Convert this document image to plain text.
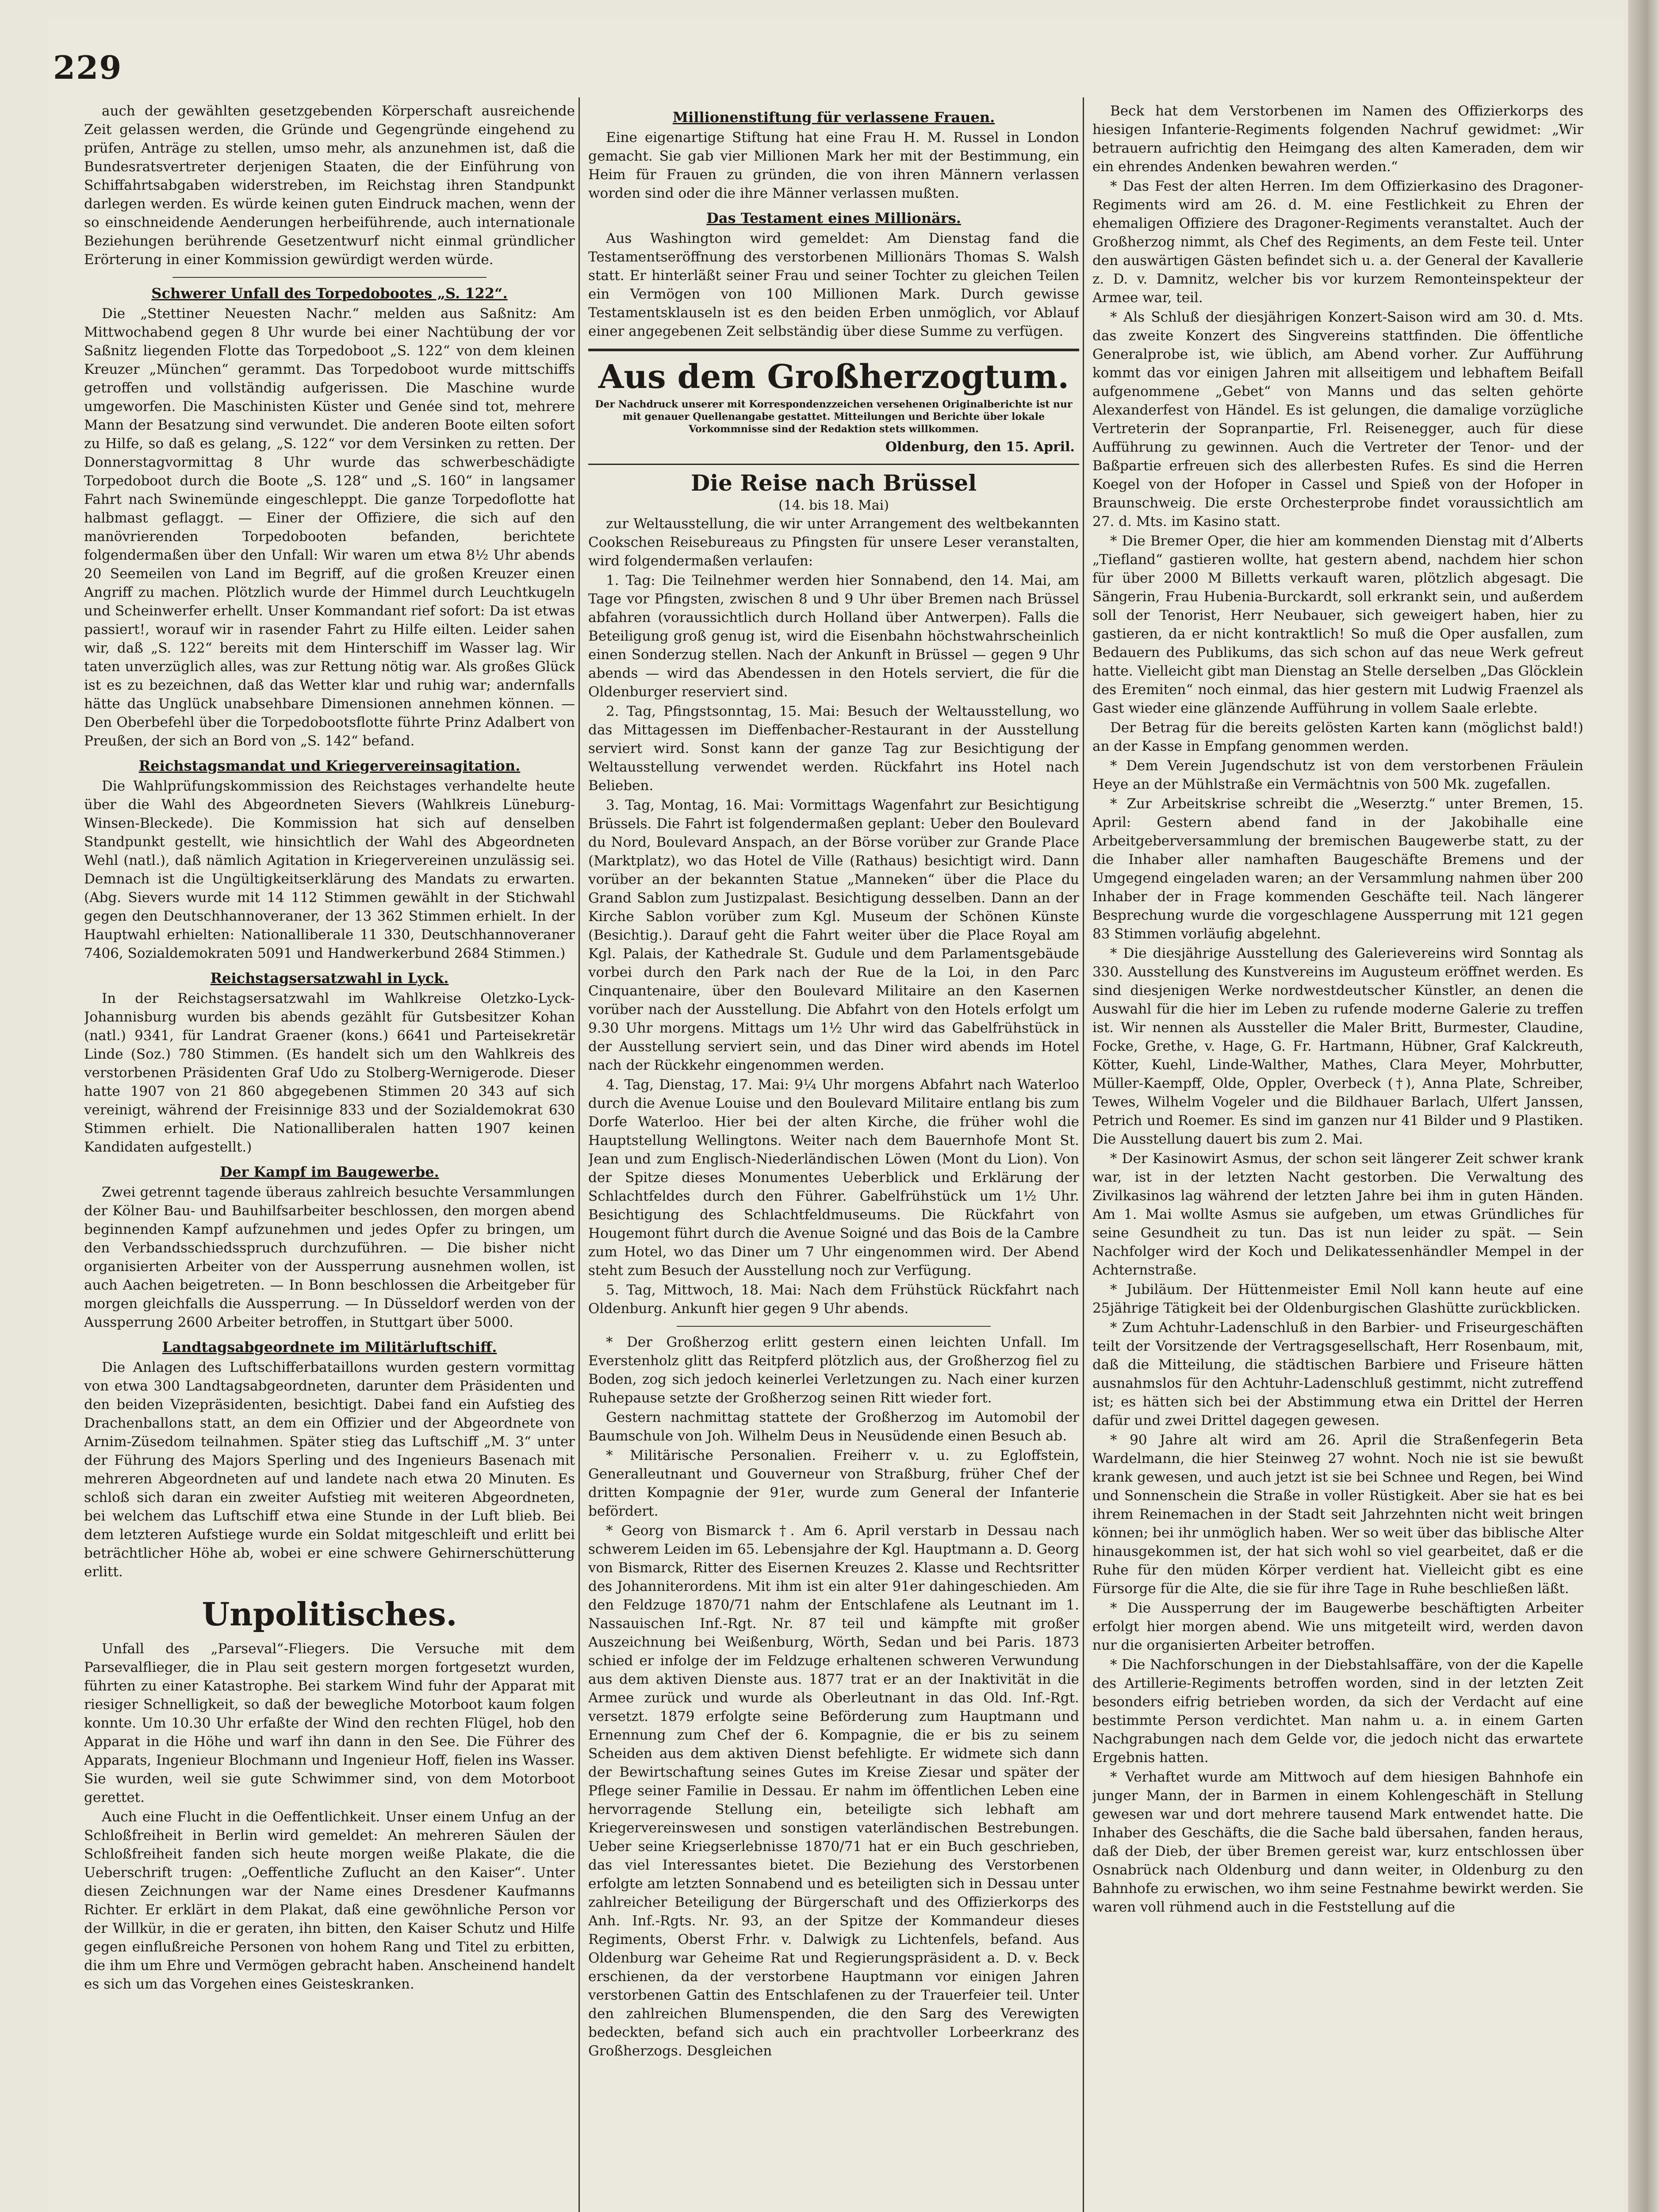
229

auch der gewählten gesetzgebenden Körperschaft ausreichende Zeit gelassen werden, die Gründe und Gegengründe eingehend zu prüfen, Anträge zu stellen, umso mehr, als anzunehmen ist, daß die Bundesratsvertreter derjenigen Staaten, die der Einführung von Schiffahrtsabgaben widerstreben, im Reichstag ihren Standpunkt darlegen werden. Es würde keinen guten Eindruck machen, wenn der so einschneidende Aenderungen herbeiführende, auch internationale Beziehungen berührende Gesetzentwurf nicht einmal gründlicher Erörterung in einer Kommission gewürdigt werden würde.

Schwerer Unfall des Torpedobootes „S. 122“.

Die „Stettiner Neuesten Nachr.“ melden aus Saßnitz: Am Mittwochabend gegen 8 Uhr wurde bei einer Nachtübung der vor Saßnitz liegenden Flotte das Torpedoboot „S. 122“ von dem kleinen Kreuzer „München“ gerammt. Das Torpedoboot wurde mittschiffs getroffen und vollständig aufgerissen. Die Maschine wurde umgeworfen. Die Maschinisten Küster und Genée sind tot, mehrere Mann der Besatzung sind verwundet. Die anderen Boote eilten sofort zu Hilfe, so daß es gelang, „S. 122“ vor dem Versinken zu retten. Der Donnerstagvormittag 8 Uhr wurde das schwerbeschädigte Torpedoboot durch die Boote „S. 128“ und „S. 160“ in langsamer Fahrt nach Swinemünde eingeschleppt. Die ganze Torpedoflotte hat halbmast geflaggt. — Einer der Offiziere, die sich auf den manövrierenden Torpedobooten befanden, berichtete folgendermaßen über den Unfall: Wir waren um etwa 8½ Uhr abends 20 Seemeilen von Land im Begriff, auf die großen Kreuzer einen Angriff zu machen. Plötzlich wurde der Himmel durch Leuchtkugeln und Scheinwerfer erhellt. Unser Kommandant rief sofort: Da ist etwas passiert!, worauf wir in rasender Fahrt zu Hilfe eilten. Leider sahen wir, daß „S. 122“ bereits mit dem Hinterschiff im Wasser lag. Wir taten unverzüglich alles, was zur Rettung nötig war. Als großes Glück ist es zu bezeichnen, daß das Wetter klar und ruhig war; andernfalls hätte das Unglück unabsehbare Dimensionen annehmen können. — Den Oberbefehl über die Torpedobootsflotte führte Prinz Adalbert von Preußen, der sich an Bord von „S. 142“ befand.

Reichstagsmandat und Kriegervereinsagitation.

Die Wahlprüfungskommission des Reichstages verhandelte heute über die Wahl des Abgeordneten Sievers (Wahlkreis Lüneburg-Winsen-Bleckede). Die Kommission hat sich auf denselben Standpunkt gestellt, wie hinsichtlich der Wahl des Abgeordneten Wehl (natl.), daß nämlich Agitation in Kriegervereinen unzulässig sei. Demnach ist die Ungültigkeitserklärung des Mandats zu erwarten. (Abg. Sievers wurde mit 14 112 Stimmen gewählt in der Stichwahl gegen den Deutschhannoveraner, der 13 362 Stimmen erhielt. In der Hauptwahl erhielten: Nationalliberale 11 330, Deutschhannoveraner 7406, Sozialdemokraten 5091 und Handwerkerbund 2684 Stimmen.)

Reichstagsersatzwahl in Lyck.

In der Reichstagsersatzwahl im Wahlkreise Oletzko-Lyck-Johannisburg wurden bis abends gezählt für Gutsbesitzer Kohan (natl.) 9341, für Landrat Graener (kons.) 6641 und Parteisekretär Linde (Soz.) 780 Stimmen. (Es handelt sich um den Wahlkreis des verstorbenen Präsidenten Graf Udo zu Stolberg-Wernigerode. Dieser hatte 1907 von 21 860 abgegebenen Stimmen 20 343 auf sich vereinigt, während der Freisinnige 833 und der Sozialdemokrat 630 Stimmen erhielt. Die Nationalliberalen hatten 1907 keinen Kandidaten aufgestellt.)

Der Kampf im Baugewerbe.

Zwei getrennt tagende überaus zahlreich besuchte Versammlungen der Kölner Bau- und Bauhilfsarbeiter beschlossen, den morgen abend beginnenden Kampf aufzunehmen und jedes Opfer zu bringen, um den Verbandsschiedsspruch durchzuführen. — Die bisher nicht organisierten Arbeiter von der Aussperrung ausnehmen wollen, ist auch Aachen beigetreten. — In Bonn beschlossen die Arbeitgeber für morgen gleichfalls die Aussperrung. — In Düsseldorf werden von der Aussperrung 2600 Arbeiter betroffen, in Stuttgart über 5000.

Landtagsabgeordnete im Militärluftschiff.

Die Anlagen des Luftschifferbataillons wurden gestern vormittag von etwa 300 Landtagsabgeordneten, darunter dem Präsidenten und den beiden Vizepräsidenten, besichtigt. Dabei fand ein Aufstieg des Drachenballons statt, an dem ein Offizier und der Abgeordnete von Arnim-Züsedom teilnahmen. Später stieg das Luftschiff „M. 3“ unter der Führung des Majors Sperling und des Ingenieurs Basenach mit mehreren Abgeordneten auf und landete nach etwa 20 Minuten. Es schloß sich daran ein zweiter Aufstieg mit weiteren Abgeordneten, bei welchem das Luftschiff etwa eine Stunde in der Luft blieb. Bei dem letzteren Aufstiege wurde ein Soldat mitgeschleift und erlitt bei beträchtlicher Höhe ab, wobei er eine schwere Gehirnerschütterung erlitt.

Unpolitisches.

Unfall des „Parseval“-Fliegers. Die Versuche mit dem Parsevalflieger, die in Plau seit gestern morgen fortgesetzt wurden, führten zu einer Katastrophe. Bei starkem Wind fuhr der Apparat mit riesiger Schnelligkeit, so daß der bewegliche Motorboot kaum folgen konnte. Um 10.30 Uhr erfaßte der Wind den rechten Flügel, hob den Apparat in die Höhe und warf ihn dann in den See. Die Führer des Apparats, Ingenieur Blochmann und Ingenieur Hoff, fielen ins Wasser. Sie wurden, weil sie gute Schwimmer sind, von dem Motorboot gerettet.

Auch eine Flucht in die Oeffentlichkeit. Unser einem Unfug an der Schloßfreiheit in Berlin wird gemeldet: An mehreren Säulen der Schloßfreiheit fanden sich heute morgen weiße Plakate, die die Ueberschrift trugen: „Oeffentliche Zuflucht an den Kaiser“. Unter diesen Zeichnungen war der Name eines Dresdener Kaufmanns Richter. Er erklärt in dem Plakat, daß eine gewöhnliche Person vor der Willkür, in die er geraten, ihn bitten, den Kaiser Schutz und Hilfe gegen einflußreiche Personen von hohem Rang und Titel zu erbitten, die ihm um Ehre und Vermögen gebracht haben. Anscheinend handelt es sich um das Vorgehen eines Geisteskranken.

Millionenstiftung für verlassene Frauen.

Eine eigenartige Stiftung hat eine Frau H. M. Russel in London gemacht. Sie gab vier Millionen Mark her mit der Bestimmung, ein Heim für Frauen zu gründen, die von ihren Männern verlassen worden sind oder die ihre Männer verlassen mußten.

Das Testament eines Millionärs.

Aus Washington wird gemeldet: Am Dienstag fand die Testamentseröffnung des verstorbenen Millionärs Thomas S. Walsh statt. Er hinterläßt seiner Frau und seiner Tochter zu gleichen Teilen ein Vermögen von 100 Millionen Mark. Durch gewisse Testamentsklauseln ist es den beiden Erben unmöglich, vor Ablauf einer angegebenen Zeit selbständig über diese Summe zu verfügen.

Aus dem Großherzogtum.
Der Nachdruck unserer mit Korrespondenzzeichen versehenen Originalberichte ist nur mit genauer Quellenangabe gestattet. Mitteilungen und Berichte über lokale Vorkommnisse sind der Redaktion stets willkommen.
Oldenburg, den 15. April.
Die Reise nach Brüssel
(14. bis 18. Mai)

zur Weltausstellung, die wir unter Arrangement des weltbekannten Cookschen Reisebureaus zu Pfingsten für unsere Leser veranstalten, wird folgendermaßen verlaufen:

1. Tag: Die Teilnehmer werden hier Sonnabend, den 14. Mai, am Tage vor Pfingsten, zwischen 8 und 9 Uhr über Bremen nach Brüssel abfahren (voraussichtlich durch Holland über Antwerpen). Falls die Beteiligung groß genug ist, wird die Eisenbahn höchstwahrscheinlich einen Sonderzug stellen. Nach der Ankunft in Brüssel — gegen 9 Uhr abends — wird das Abendessen in den Hotels serviert, die für die Oldenburger reserviert sind.

2. Tag, Pfingstsonntag, 15. Mai: Besuch der Weltausstellung, wo das Mittagessen im Dieffenbacher-Restaurant in der Ausstellung serviert wird. Sonst kann der ganze Tag zur Besichtigung der Weltausstellung verwendet werden. Rückfahrt ins Hotel nach Belieben.

3. Tag, Montag, 16. Mai: Vormittags Wagenfahrt zur Besichtigung Brüssels. Die Fahrt ist folgendermaßen geplant: Ueber den Boulevard du Nord, Boulevard Anspach, an der Börse vorüber zur Grande Place (Marktplatz), wo das Hotel de Ville (Rathaus) besichtigt wird. Dann vorüber an der bekannten Statue „Manneken“ über die Place du Grand Sablon zum Justizpalast. Besichtigung desselben. Dann an der Kirche Sablon vorüber zum Kgl. Museum der Schönen Künste (Besichtig.). Darauf geht die Fahrt weiter über die Place Royal am Kgl. Palais, der Kathedrale St. Gudule und dem Parlamentsgebäude vorbei durch den Park nach der Rue de la Loi, in den Parc Cinquantenaire, über den Boulevard Militaire an den Kasernen vorüber nach der Ausstellung. Die Abfahrt von den Hotels erfolgt um 9.30 Uhr morgens. Mittags um 1½ Uhr wird das Gabelfrühstück in der Ausstellung serviert sein, und das Diner wird abends im Hotel nach der Rückkehr eingenommen werden.

4. Tag, Dienstag, 17. Mai: 9¼ Uhr morgens Abfahrt nach Waterloo durch die Avenue Louise und den Boulevard Militaire entlang bis zum Dorfe Waterloo. Hier bei der alten Kirche, die früher wohl die Hauptstellung Wellingtons. Weiter nach dem Bauernhofe Mont St. Jean und zum Englisch-Niederländischen Löwen (Mont du Lion). Von der Spitze dieses Monumentes Ueberblick und Erklärung der Schlachtfeldes durch den Führer. Gabelfrühstück um 1½ Uhr. Besichtigung des Schlachtfeldmuseums. Die Rückfahrt von Hougemont führt durch die Avenue Soigné und das Bois de la Cambre zum Hotel, wo das Diner um 7 Uhr eingenommen wird. Der Abend steht zum Besuch der Ausstellung noch zur Verfügung.

5. Tag, Mittwoch, 18. Mai: Nach dem Frühstück Rückfahrt nach Oldenburg. Ankunft hier gegen 9 Uhr abends.

* Der Großherzog erlitt gestern einen leichten Unfall. Im Everstenholz glitt das Reitpferd plötzlich aus, der Großherzog fiel zu Boden, zog sich jedoch keinerlei Verletzungen zu. Nach einer kurzen Ruhepause setzte der Großherzog seinen Ritt wieder fort.

Gestern nachmittag stattete der Großherzog im Automobil der Baumschule von Joh. Wilhelm Deus in Neusüdende einen Besuch ab.

* Militärische Personalien. Freiherr v. u. zu Egloffstein, Generalleutnant und Gouverneur von Straßburg, früher Chef der dritten Kompagnie der 91er, wurde zum General der Infanterie befördert.

* Georg von Bismarck †. Am 6. April verstarb in Dessau nach schwerem Leiden im 65. Lebensjahre der Kgl. Hauptmann a. D. Georg von Bismarck, Ritter des Eisernen Kreuzes 2. Klasse und Rechtsritter des Johanniterordens. Mit ihm ist ein alter 91er dahingeschieden. Am den Feldzuge 1870/71 nahm der Entschlafene als Leutnant im 1. Nassauischen Inf.-Rgt. Nr. 87 teil und kämpfte mit großer Auszeichnung bei Weißenburg, Wörth, Sedan und bei Paris. 1873 schied er infolge der im Feldzuge erhaltenen schweren Verwundung aus dem aktiven Dienste aus. 1877 trat er an der Inaktivität in die Armee zurück und wurde als Oberleutnant in das Old. Inf.-Rgt. versetzt. 1879 erfolgte seine Beförderung zum Hauptmann und Ernennung zum Chef der 6. Kompagnie, die er bis zu seinem Scheiden aus dem aktiven Dienst befehligte. Er widmete sich dann der Bewirtschaftung seines Gutes im Kreise Ziesar und später der Pflege seiner Familie in Dessau. Er nahm im öffentlichen Leben eine hervorragende Stellung ein, beteiligte sich lebhaft am Kriegervereinswesen und sonstigen vaterländischen Bestrebungen. Ueber seine Kriegserlebnisse 1870/71 hat er ein Buch geschrieben, das viel Interessantes bietet. Die Beziehung des Verstorbenen erfolgte am letzten Sonnabend und es beteiligten sich in Dessau unter zahlreicher Beteiligung der Bürgerschaft und des Offizierkorps des Anh. Inf.-Rgts. Nr. 93, an der Spitze der Kommandeur dieses Regiments, Oberst Frhr. v. Dalwigk zu Lichtenfels, befand. Aus Oldenburg war Geheime Rat und Regierungspräsident a. D. v. Beck erschienen, da der verstorbene Hauptmann vor einigen Jahren verstorbenen Gattin des Entschlafenen zu der Trauerfeier teil. Unter den zahlreichen Blumenspenden, die den Sarg des Verewigten bedeckten, befand sich auch ein prachtvoller Lorbeerkranz des Großherzogs. Desgleichen

Beck hat dem Verstorbenen im Namen des Offizierkorps des hiesigen Infanterie-Regiments folgenden Nachruf gewidmet: „Wir betrauern aufrichtig den Heimgang des alten Kameraden, dem wir ein ehrendes Andenken bewahren werden.“

* Das Fest der alten Herren. Im dem Offizierkasino des Dragoner-Regiments wird am 26. d. M. eine Festlichkeit zu Ehren der ehemaligen Offiziere des Dragoner-Regiments veranstaltet. Auch der Großherzog nimmt, als Chef des Regiments, an dem Feste teil. Unter den auswärtigen Gästen befindet sich u. a. der General der Kavallerie z. D. v. Damnitz, welcher bis vor kurzem Remonteinspekteur der Armee war, teil.

* Als Schluß der diesjährigen Konzert-Saison wird am 30. d. Mts. das zweite Konzert des Singvereins stattfinden. Die öffentliche Generalprobe ist, wie üblich, am Abend vorher. Zur Aufführung kommt das vor einigen Jahren mit allseitigem und lebhaftem Beifall aufgenommene „Gebet“ von Manns und das selten gehörte Alexanderfest von Händel. Es ist gelungen, die damalige vorzügliche Vertreterin der Sopranpartie, Frl. Reisenegger, auch für diese Aufführung zu gewinnen. Auch die Vertreter der Tenor- und der Baßpartie erfreuen sich des allerbesten Rufes. Es sind die Herren Koegel von der Hofoper in Cassel und Spieß von der Hofoper in Braunschweig. Die erste Orchesterprobe findet voraussichtlich am 27. d. Mts. im Kasino statt.

* Die Bremer Oper, die hier am kommenden Dienstag mit d’Alberts „Tiefland“ gastieren wollte, hat gestern abend, nachdem hier schon für über 2000 M Billetts verkauft waren, plötzlich abgesagt. Die Sängerin, Frau Hubenia-Burckardt, soll erkrankt sein, und außerdem soll der Tenorist, Herr Neubauer, sich geweigert haben, hier zu gastieren, da er nicht kontraktlich! So muß die Oper ausfallen, zum Bedauern des Publikums, das sich schon auf das neue Werk gefreut hatte. Vielleicht gibt man Dienstag an Stelle derselben „Das Glöcklein des Eremiten“ noch einmal, das hier gestern mit Ludwig Fraenzel als Gast wieder eine glänzende Aufführung in vollem Saale erlebte.

Der Betrag für die bereits gelösten Karten kann (möglichst bald!) an der Kasse in Empfang genommen werden.

* Dem Verein Jugendschutz ist von dem verstorbenen Fräulein Heye an der Mühlstraße ein Vermächtnis von 500 Mk. zugefallen.

* Zur Arbeitskrise schreibt die „Weserztg.“ unter Bremen, 15. April: Gestern abend fand in der Jakobihalle eine Arbeitgeberversammlung der bremischen Baugewerbe statt, zu der die Inhaber aller namhaften Baugeschäfte Bremens und der Umgegend eingeladen waren; an der Versammlung nahmen über 200 Inhaber der in Frage kommenden Geschäfte teil. Nach längerer Besprechung wurde die vorgeschlagene Aussperrung mit 121 gegen 83 Stimmen vorläufig abgelehnt.

* Die diesjährige Ausstellung des Galerievereins wird Sonntag als 330. Ausstellung des Kunstvereins im Augusteum eröffnet werden. Es sind diesjenigen Werke nordwestdeutscher Künstler, an denen die Auswahl für die hier im Leben zu rufende moderne Galerie zu treffen ist. Wir nennen als Aussteller die Maler Britt, Burmester, Claudine, Focke, Grethe, v. Hage, G. Fr. Hartmann, Hübner, Graf Kalckreuth, Kötter, Kuehl, Linde-Walther, Mathes, Clara Meyer, Mohrbutter, Müller-Kaempff, Olde, Oppler, Overbeck (†), Anna Plate, Schreiber, Tewes, Wilhelm Vogeler und die Bildhauer Barlach, Ulfert Janssen, Petrich und Roemer. Es sind im ganzen nur 41 Bilder und 9 Plastiken. Die Ausstellung dauert bis zum 2. Mai.

* Der Kasinowirt Asmus, der schon seit längerer Zeit schwer krank war, ist in der letzten Nacht gestorben. Die Verwaltung des Zivilkasinos lag während der letzten Jahre bei ihm in guten Händen. Am 1. Mai wollte Asmus sie aufgeben, um etwas Gründliches für seine Gesundheit zu tun. Das ist nun leider zu spät. — Sein Nachfolger wird der Koch und Delikatessenhändler Mempel in der Achternstraße.

* Jubiläum. Der Hüttenmeister Emil Noll kann heute auf eine 25jährige Tätigkeit bei der Oldenburgischen Glashütte zurückblicken.

* Zum Achtuhr-Ladenschluß in den Barbier- und Friseurgeschäften teilt der Vorsitzende der Vertragsgesellschaft, Herr Rosenbaum, mit, daß die Mitteilung, die städtischen Barbiere und Friseure hätten ausnahmslos für den Achtuhr-Ladenschluß gestimmt, nicht zutreffend ist; es hätten sich bei der Abstimmung etwa ein Drittel der Herren dafür und zwei Drittel dagegen gewesen.

* 90 Jahre alt wird am 26. April die Straßenfegerin Beta Wardelmann, die hier Steinweg 27 wohnt. Noch nie ist sie bewußt krank gewesen, und auch jetzt ist sie bei Schnee und Regen, bei Wind und Sonnenschein die Straße in voller Rüstigkeit. Aber sie hat es bei ihrem Reinemachen in der Stadt seit Jahrzehnten nicht weit bringen können; bei ihr unmöglich haben. Wer so weit über das biblische Alter hinausgekommen ist, der hat sich wohl so viel gearbeitet, daß er die Ruhe für den müden Körper verdient hat. Vielleicht gibt es eine Fürsorge für die Alte, die sie für ihre Tage in Ruhe beschließen läßt.

* Die Aussperrung der im Baugewerbe beschäftigten Arbeiter erfolgt hier morgen abend. Wie uns mitgeteilt wird, werden davon nur die organisierten Arbeiter betroffen.

* Die Nachforschungen in der Diebstahlsaffäre, von der die Kapelle des Artillerie-Regiments betroffen worden, sind in der letzten Zeit besonders eifrig betrieben worden, da sich der Verdacht auf eine bestimmte Person verdichtet. Man nahm u. a. in einem Garten Nachgrabungen nach dem Gelde vor, die jedoch nicht das erwartete Ergebnis hatten.

* Verhaftet wurde am Mittwoch auf dem hiesigen Bahnhofe ein junger Mann, der in Barmen in einem Kohlengeschäft in Stellung gewesen war und dort mehrere tausend Mark entwendet hatte. Die Inhaber des Geschäfts, die die Sache bald übersahen, fanden heraus, daß der Dieb, der über Bremen gereist war, kurz entschlossen über Osnabrück nach Oldenburg und dann weiter, in Oldenburg zu den Bahnhofe zu erwischen, wo ihm seine Festnahme bewirkt werden. Sie waren voll rühmend auch in die Feststellung auf die
